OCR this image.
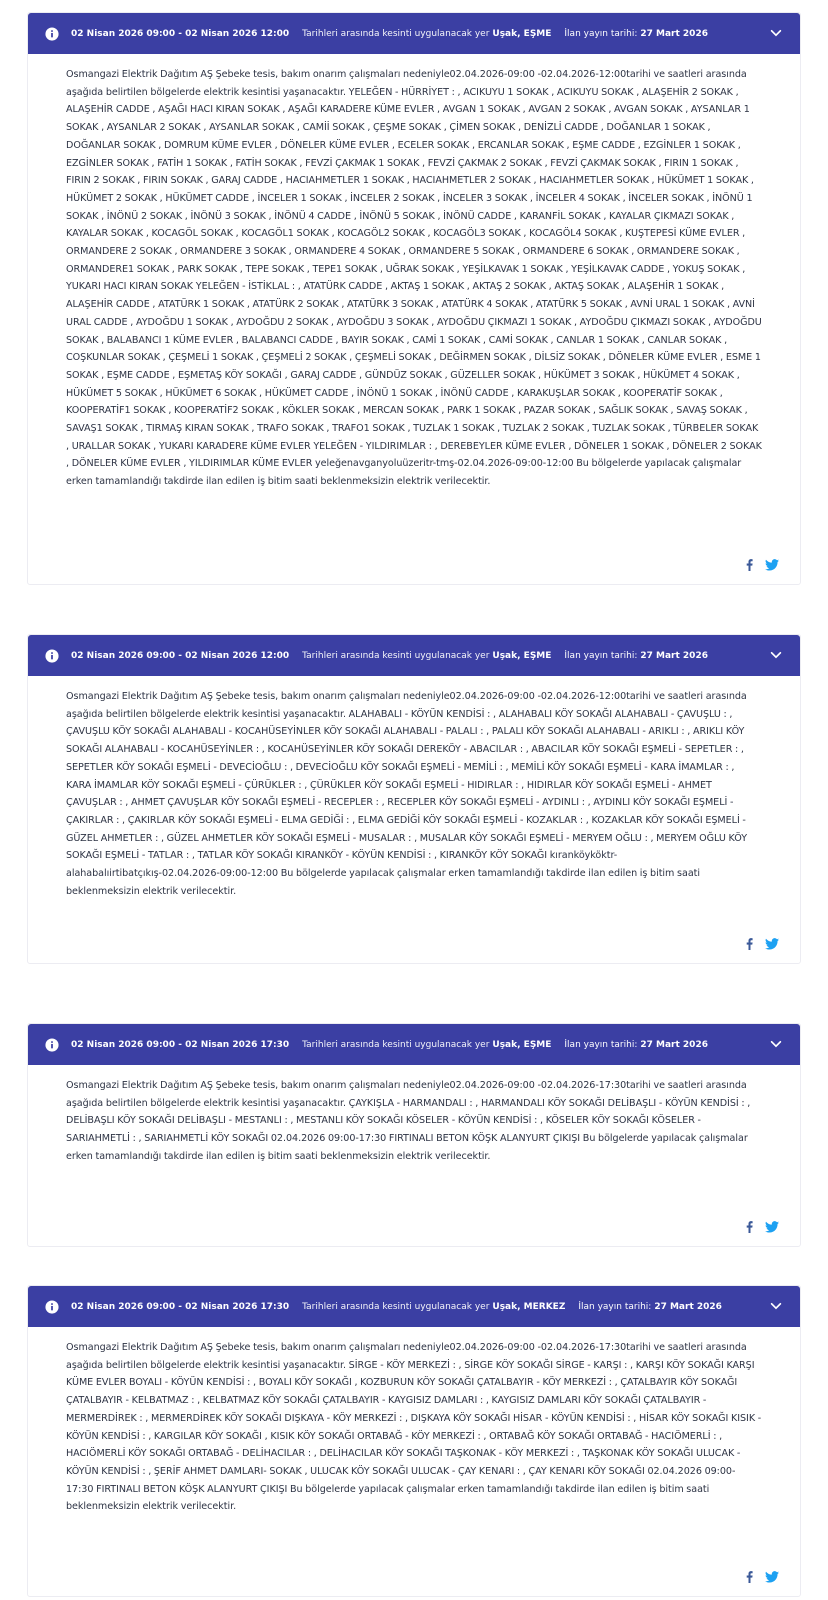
02 Nisan 2026 09:00 - 02 Nisan 2026 12:00 Tarihleri arasında kesinti uygulanacak yer Uşak, EŞME İlan yayın tarihi: 27 Mart 2026
Osmangazi Elektrik Dağıtım AŞ Şebeke tesis, bakım onarım çalışmaları nedeniyle02.04.2026-09:00 -02.04.2026-12:00tarihi ve saatleri arasında aşağıda belirtilen bölgelerde elektrik kesintisi yaşanacaktır. YELEĞEN - HÜRRİYET : , ACIKUYU 1 SOKAK , ACIKUYU SOKAK , ALAŞEHİR 2 SOKAK , ALAŞEHİR CADDE , AŞAĞI HACI KIRAN SOKAK , AŞAĞI KARADERE KÜME EVLER , AVGAN 1 SOKAK , AVGAN 2 SOKAK , AVGAN SOKAK , AYSANLAR 1 SOKAK , AYSANLAR 2 SOKAK , AYSANLAR SOKAK , CAMİİ SOKAK , ÇEŞME SOKAK , ÇİMEN SOKAK , DENİZLİ CADDE , DOĞANLAR 1 SOKAK , DOĞANLAR SOKAK , DOMRUM KÜME EVLER , DÖNELER KÜME EVLER , ECELER SOKAK , ERCANLAR SOKAK , EŞME CADDE , EZGİNLER 1 SOKAK , EZGİNLER SOKAK , FATİH 1 SOKAK , FATİH SOKAK , FEVZİ ÇAKMAK 1 SOKAK , FEVZİ ÇAKMAK 2 SOKAK , FEVZİ ÇAKMAK SOKAK , FIRIN 1 SOKAK , FIRIN 2 SOKAK , FIRIN SOKAK , GARAJ CADDE , HACIAHMETLER 1 SOKAK , HACIAHMETLER 2 SOKAK , HACIAHMETLER SOKAK , HÜKÜMET 1 SOKAK , HÜKÜMET 2 SOKAK , HÜKÜMET CADDE , İNCELER 1 SOKAK , İNCELER 2 SOKAK , İNCELER 3 SOKAK , İNCELER 4 SOKAK , İNCELER SOKAK , İNÖNÜ 1 SOKAK , İNÖNÜ 2 SOKAK , İNÖNÜ 3 SOKAK , İNÖNÜ 4 CADDE , İNÖNÜ 5 SOKAK , İNÖNÜ CADDE , KARANFİL SOKAK , KAYALAR ÇIKMAZI SOKAK , KAYALAR SOKAK , KOCAGÖL SOKAK , KOCAGÖL1 SOKAK , KOCAGÖL2 SOKAK , KOCAGÖL3 SOKAK , KOCAGÖL4 SOKAK , KUŞTEPESİ KÜME EVLER , ORMANDERE 2 SOKAK , ORMANDERE 3 SOKAK , ORMANDERE 4 SOKAK , ORMANDERE 5 SOKAK , ORMANDERE 6 SOKAK , ORMANDERE SOKAK , ORMANDERE1 SOKAK , PARK SOKAK , TEPE SOKAK , TEPE1 SOKAK , UĞRAK SOKAK , YEŞİLKAVAK 1 SOKAK , YEŞİLKAVAK CADDE , YOKUŞ SOKAK , YUKARI HACI KIRAN SOKAK YELEĞEN - İSTİKLAL : , ATATÜRK CADDE , AKTAŞ 1 SOKAK , AKTAŞ 2 SOKAK , AKTAŞ SOKAK , ALAŞEHİR 1 SOKAK , ALAŞEHİR CADDE , ATATÜRK 1 SOKAK , ATATÜRK 2 SOKAK , ATATÜRK 3 SOKAK , ATATÜRK 4 SOKAK , ATATÜRK 5 SOKAK , AVNİ URAL 1 SOKAK , AVNİ URAL CADDE , AYDOĞDU 1 SOKAK , AYDOĞDU 2 SOKAK , AYDOĞDU 3 SOKAK , AYDOĞDU ÇIKMAZI 1 SOKAK , AYDOĞDU ÇIKMAZI SOKAK , AYDOĞDU SOKAK , BALABANCI 1 KÜME EVLER , BALABANCI CADDE , BAYIR SOKAK , CAMİ 1 SOKAK , CAMİ SOKAK , CANLAR 1 SOKAK , CANLAR SOKAK , COŞKUNLAR SOKAK , ÇEŞMELİ 1 SOKAK , ÇEŞMELİ 2 SOKAK , ÇEŞMELİ SOKAK , DEĞİRMEN SOKAK , DİLSİZ SOKAK , DÖNELER KÜME EVLER , ESME 1 SOKAK , EŞME CADDE , EŞMETAŞ KÖY SOKAĞI , GARAJ CADDE , GÜNDÜZ SOKAK , GÜZELLER SOKAK , HÜKÜMET 3 SOKAK , HÜKÜMET 4 SOKAK , HÜKÜMET 5 SOKAK , HÜKÜMET 6 SOKAK , HÜKÜMET CADDE , İNÖNÜ 1 SOKAK , İNÖNÜ CADDE , KARAKUŞLAR SOKAK , KOOPERATİF SOKAK , KOOPERATİF1 SOKAK , KOOPERATİF2 SOKAK , KÖKLER SOKAK , MERCAN SOKAK , PARK 1 SOKAK , PAZAR SOKAK , SAĞLIK SOKAK , SAVAŞ SOKAK , SAVAŞ1 SOKAK , TIRMAŞ KIRAN SOKAK , TRAFO SOKAK , TRAFO1 SOKAK , TUZLAK 1 SOKAK , TUZLAK 2 SOKAK , TUZLAK SOKAK , TÜRBELER SOKAK , URALLAR SOKAK , YUKARI KARADERE KÜME EVLER YELEĞEN - YILDIRIMLAR : , DEREBEYLER KÜME EVLER , DÖNELER 1 SOKAK , DÖNELER 2 SOKAK , DÖNELER KÜME EVLER , YILDIRIMLAR KÜME EVLER yeleğenavganyoluüzeritr-tmş-02.04.2026-09:00-12:00 Bu bölgelerde yapılacak çalışmalar erken tamamlandığı takdirde ilan edilen iş bitim saati beklenmeksizin elektrik verilecektir.
02 Nisan 2026 09:00 - 02 Nisan 2026 12:00 Tarihleri arasında kesinti uygulanacak yer Uşak, EŞME İlan yayın tarihi: 27 Mart 2026
Osmangazi Elektrik Dağıtım AŞ Şebeke tesis, bakım onarım çalışmaları nedeniyle02.04.2026-09:00 -02.04.2026-12:00tarihi ve saatleri arasında aşağıda belirtilen bölgelerde elektrik kesintisi yaşanacaktır. ALAHABALI - KÖYÜN KENDİSİ : , ALAHABALI KÖY SOKAĞI ALAHABALI - ÇAVUŞLU : , ÇAVUŞLU KÖY SOKAĞI ALAHABALI - KOCAHÜSEYİNLER KÖY SOKAĞI ALAHABALI - PALALI : , PALALI KÖY SOKAĞI ALAHABALI - ARIKLI : , ARIKLI KÖY SOKAĞI ALAHABALI - KOCAHÜSEYİNLER : , KOCAHÜSEYİNLER KÖY SOKAĞI DEREKÖY - ABACILAR : , ABACILAR KÖY SOKAĞI EŞMELİ - SEPETLER : , SEPETLER KÖY SOKAĞI EŞMELİ - DEVECİOĞLU : , DEVECİOĞLU KÖY SOKAĞI EŞMELİ - MEMİLİ : , MEMİLİ KÖY SOKAĞI EŞMELİ - KARA İMAMLAR : , KARA İMAMLAR KÖY SOKAĞI EŞMELİ - ÇÜRÜKLER : , ÇÜRÜKLER KÖY SOKAĞI EŞMELİ - HIDIRLAR : , HIDIRLAR KÖY SOKAĞI EŞMELİ - AHMET ÇAVUŞLAR : , AHMET ÇAVUŞLAR KÖY SOKAĞI EŞMELİ - RECEPLER : , RECEPLER KÖY SOKAĞI EŞMELİ - AYDINLI : , AYDINLI KÖY SOKAĞI EŞMELİ - ÇAKIRLAR : , ÇAKIRLAR KÖY SOKAĞI EŞMELİ - ELMA GEDİĞİ : , ELMA GEDİĞİ KÖY SOKAĞI EŞMELİ - KOZAKLAR : , KOZAKLAR KÖY SOKAĞI EŞMELİ - GÜZEL AHMETLER : , GÜZEL AHMETLER KÖY SOKAĞI EŞMELİ - MUSALAR : , MUSALAR KÖY SOKAĞI EŞMELİ - MERYEM OĞLU : , MERYEM OĞLU KÖY SOKAĞI EŞMELİ - TATLAR : , TATLAR KÖY SOKAĞI KIRANKÖY - KÖYÜN KENDİSİ : , KIRANKÖY KÖY SOKAĞI kıranköyköktr-alahabalıirtibatçıkış-02.04.2026-09:00-12:00 Bu bölgelerde yapılacak çalışmalar erken tamamlandığı takdirde ilan edilen iş bitim saati beklenmeksizin elektrik verilecektir.
02 Nisan 2026 09:00 - 02 Nisan 2026 17:30 Tarihleri arasında kesinti uygulanacak yer Uşak, EŞME İlan yayın tarihi: 27 Mart 2026
Osmangazi Elektrik Dağıtım AŞ Şebeke tesis, bakım onarım çalışmaları nedeniyle02.04.2026-09:00 -02.04.2026-17:30tarihi ve saatleri arasında aşağıda belirtilen bölgelerde elektrik kesintisi yaşanacaktır. ÇAYKIŞLA - HARMANDALI : , HARMANDALI KÖY SOKAĞI DELİBAŞLI - KÖYÜN KENDİSİ : , DELİBAŞLI KÖY SOKAĞI DELİBAŞLI - MESTANLI : , MESTANLI KÖY SOKAĞI KÖSELER - KÖYÜN KENDİSİ : , KÖSELER KÖY SOKAĞI KÖSELER - SARIAHMETLİ : , SARIAHMETLİ KÖY SOKAĞI 02.04.2026 09:00-17:30 FIRTINALI BETON KÖŞK ALANYURT ÇIKIŞI Bu bölgelerde yapılacak çalışmalar erken tamamlandığı takdirde ilan edilen iş bitim saati beklenmeksizin elektrik verilecektir.
02 Nisan 2026 09:00 - 02 Nisan 2026 17:30 Tarihleri arasında kesinti uygulanacak yer Uşak, MERKEZ İlan yayın tarihi: 27 Mart 2026
Osmangazi Elektrik Dağıtım AŞ Şebeke tesis, bakım onarım çalışmaları nedeniyle02.04.2026-09:00 -02.04.2026-17:30tarihi ve saatleri arasında aşağıda belirtilen bölgelerde elektrik kesintisi yaşanacaktır. SİRGE - KÖY MERKEZİ : , SİRGE KÖY SOKAĞI SİRGE - KARŞI : , KARŞI KÖY SOKAĞI KARŞI KÜME EVLER BOYALI - KÖYÜN KENDİSİ : , BOYALI KÖY SOKAĞI , KOZBURUN KÖY SOKAĞI ÇATALBAYIR - KÖY MERKEZİ : , ÇATALBAYIR KÖY SOKAĞI ÇATALBAYIR - KELBATMAZ : , KELBATMAZ KÖY SOKAĞI ÇATALBAYIR - KAYGISIZ DAMLARI : , KAYGISIZ DAMLARI KÖY SOKAĞI ÇATALBAYIR - MERMERDİREK : , MERMERDİREK KÖY SOKAĞI DIŞKAYA - KÖY MERKEZİ : , DIŞKAYA KÖY SOKAĞI HİSAR - KÖYÜN KENDİSİ : , HİSAR KÖY SOKAĞI KISIK - KÖYÜN KENDİSİ : , KARGILAR KÖY SOKAĞI , KISIK KÖY SOKAĞI ORTABAĞ - KÖY MERKEZİ : , ORTABAĞ KÖY SOKAĞI ORTABAĞ - HACIÖMERLİ : , HACIÖMERLİ KÖY SOKAĞI ORTABAĞ - DELİHACILAR : , DELİHACILAR KÖY SOKAĞI TAŞKONAK - KÖY MERKEZİ : , TAŞKONAK KÖY SOKAĞI ULUCAK - KÖYÜN KENDİSİ : , ŞERİF AHMET DAMLARI- SOKAK , ULUCAK KÖY SOKAĞI ULUCAK - ÇAY KENARI : , ÇAY KENARI KÖY SOKAĞI 02.04.2026 09:00-17:30 FIRTINALI BETON KÖŞK ALANYURT ÇIKIŞI Bu bölgelerde yapılacak çalışmalar erken tamamlandığı takdirde ilan edilen iş bitim saati beklenmeksizin elektrik verilecektir.
